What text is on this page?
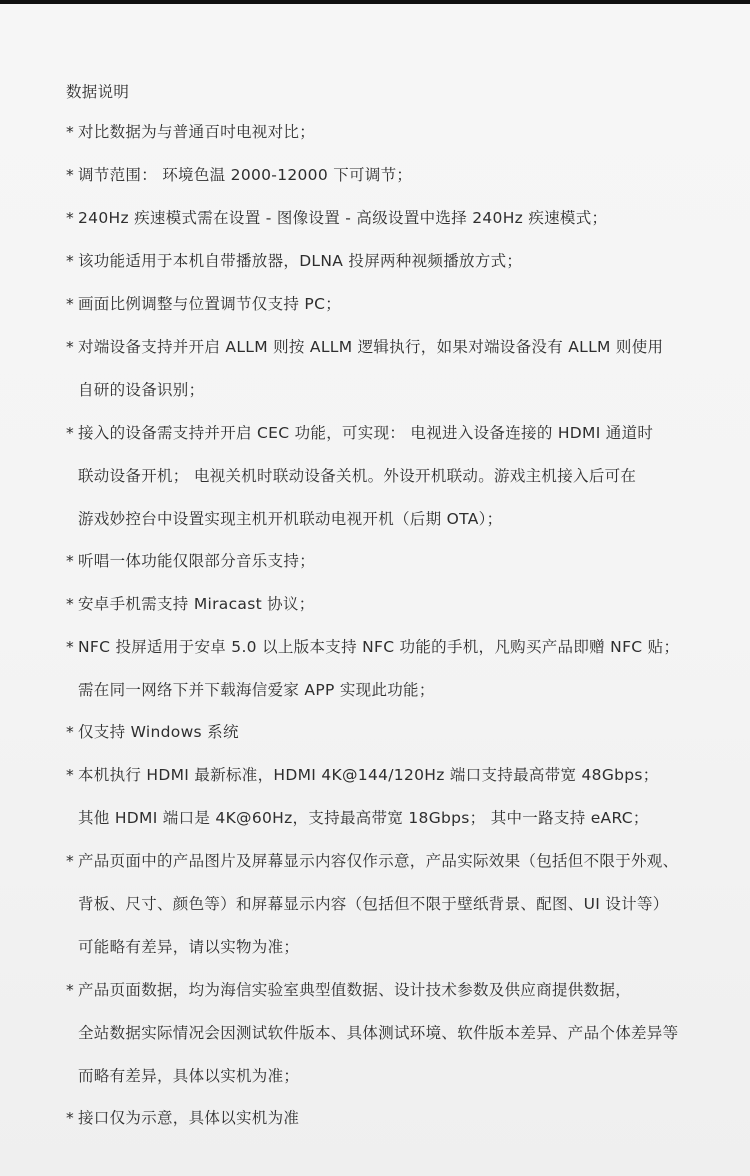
数据说明
* 对比数据为与普通百吋电视对比；
* 调节范围： 环境色温 2000-12000 下可调节；
* 240Hz 疾速模式需在设置 - 图像设置 - 高级设置中选择 240Hz 疾速模式；
* 该功能适用于本机自带播放器，DLNA 投屏两种视频播放方式；
* 画面比例调整与位置调节仅支持 PC；
* 对端设备支持并开启 ALLM 则按 ALLM 逻辑执行，如果对端设备没有 ALLM 则使用
自研的设备识别；
* 接入的设备需支持并开启 CEC 功能，可实现： 电视进入设备连接的 HDMI 通道时
联动设备开机； 电视关机时联动设备关机。外设开机联动。游戏主机接入后可在
游戏妙控台中设置实现主机开机联动电视开机（后期 OTA）；
* 听唱一体功能仅限部分音乐支持；
* 安卓手机需支持 Miracast 协议；
* NFC 投屏适用于安卓 5.0 以上版本支持 NFC 功能的手机，凡购买产品即赠 NFC 贴；
需在同一网络下并下载海信爱家 APP 实现此功能；
* 仅支持 Windows 系统
* 本机执行 HDMI 最新标准，HDMI 4K@144/120Hz 端口支持最高带宽 48Gbps；
其他 HDMI 端口是 4K@60Hz，支持最高带宽 18Gbps； 其中一路支持 eARC；
* 产品页面中的产品图片及屏幕显示内容仅作示意，产品实际效果（包括但不限于外观、
背板、尺寸、颜色等）和屏幕显示内容（包括但不限于壁纸背景、配图、UI 设计等）
可能略有差异，请以实物为准；
* 产品页面数据，均为海信实验室典型值数据、设计技术参数及供应商提供数据，
全站数据实际情况会因测试软件版本、具体测试环境、软件版本差异、产品个体差异等
而略有差异，具体以实机为准；
* 接口仅为示意，具体以实机为准
